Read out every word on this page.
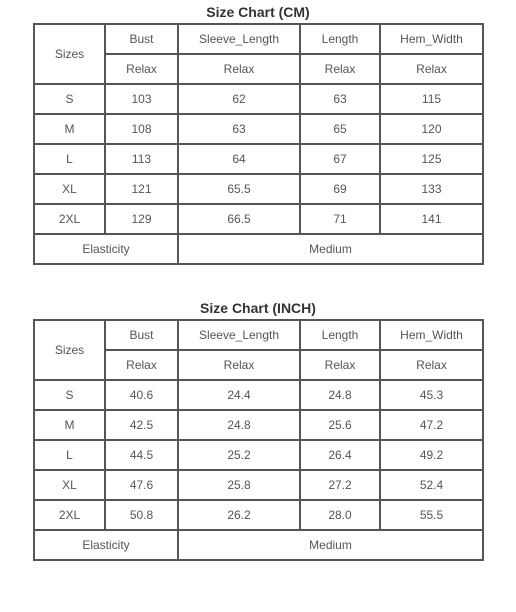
Size Chart (CM)
Sizes	Bust	Sleeve_Length	Length	Hem_Width
	Relax	Relax	Relax	Relax
S	103	62	63	115
M	108	63	65	120
L	113	64	67	125
XL	121	65.5	69	133
2XL	129	66.5	71	141
Elasticity		Medium		
Size Chart (INCH)
Sizes	Bust	Sleeve_Length	Length	Hem_Width
	Relax	Relax	Relax	Relax
S	40.6	24.4	24.8	45.3
M	42.5	24.8	25.6	47.2
L	44.5	25.2	26.4	49.2
XL	47.6	25.8	27.2	52.4
2XL	50.8	26.2	28.0	55.5
Elasticity		Medium		
